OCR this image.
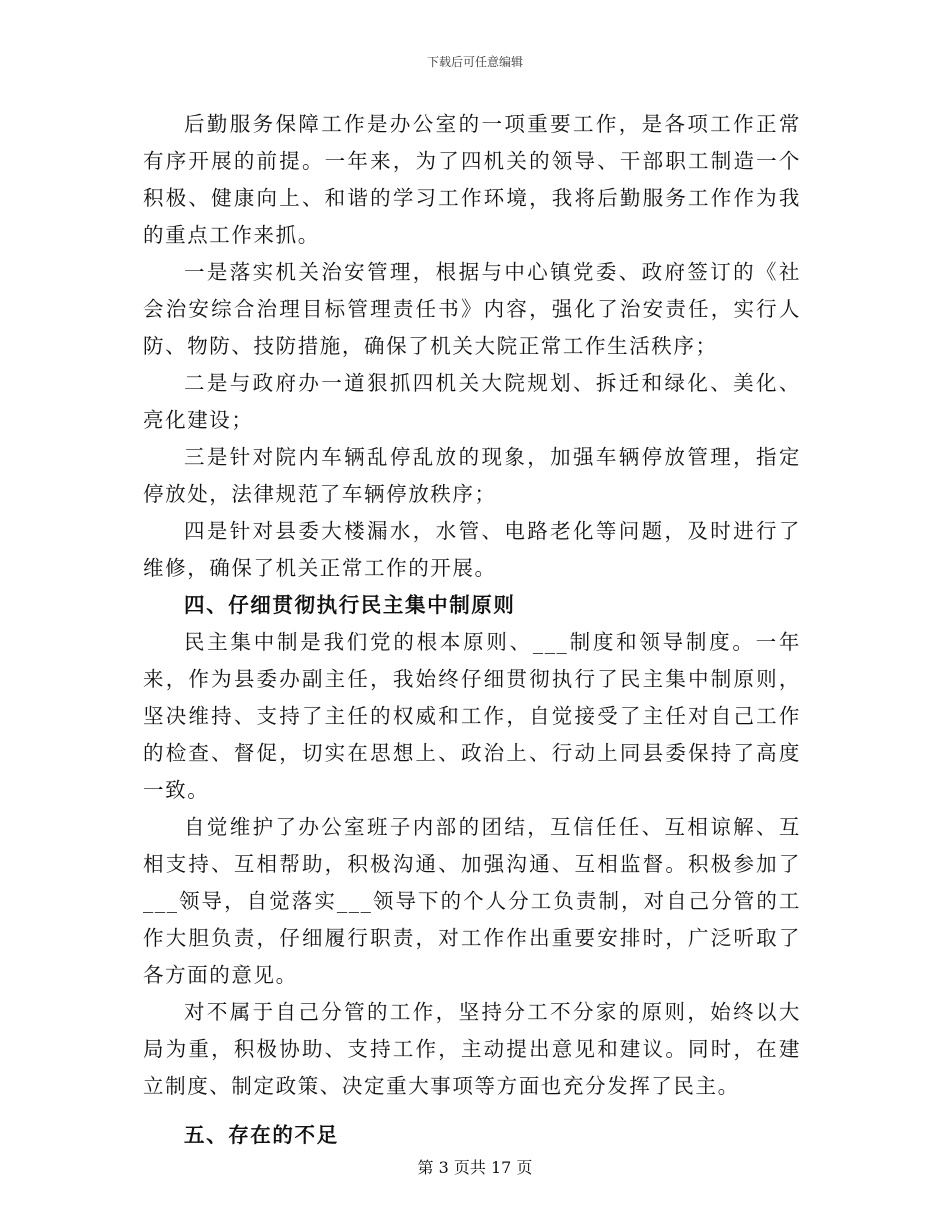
下载后可任意编辑

后勤服务保障工作是办公室的一项重要工作，是各项工作正常有序开展的前提。一年来，为了四机关的领导、干部职工制造一个积极、健康向上、和谐的学习工作环境，我将后勤服务工作作为我的重点工作来抓。

一是落实机关治安管理，根据与中心镇党委、政府签订的《社会治安综合治理目标管理责任书》内容，强化了治安责任，实行人防、物防、技防措施，确保了机关大院正常工作生活秩序；

二是与政府办一道狠抓四机关大院规划、拆迁和绿化、美化、亮化建设；

三是针对院内车辆乱停乱放的现象，加强车辆停放管理，指定停放处，法律规范了车辆停放秩序；

四是针对县委大楼漏水，水管、电路老化等问题，及时进行了维修，确保了机关正常工作的开展。

四、仔细贯彻执行民主集中制原则

民主集中制是我们党的根本原则、___制度和领导制度。一年来，作为县委办副主任，我始终仔细贯彻执行了民主集中制原则，坚决维持、支持了主任的权威和工作，自觉接受了主任对自己工作的检查、督促，切实在思想上、政治上、行动上同县委保持了高度一致。

自觉维护了办公室班子内部的团结，互信任任、互相谅解、互相支持、互相帮助，积极沟通、加强沟通、互相监督。积极参加了___领导，自觉落实___领导下的个人分工负责制，对自己分管的工作大胆负责，仔细履行职责，对工作作出重要安排时，广泛听取了各方面的意见。

对不属于自己分管的工作，坚持分工不分家的原则，始终以大局为重，积极协助、支持工作，主动提出意见和建议。同时，在建立制度、制定政策、决定重大事项等方面也充分发挥了民主。

五、存在的不足

第 3 页共 17 页
